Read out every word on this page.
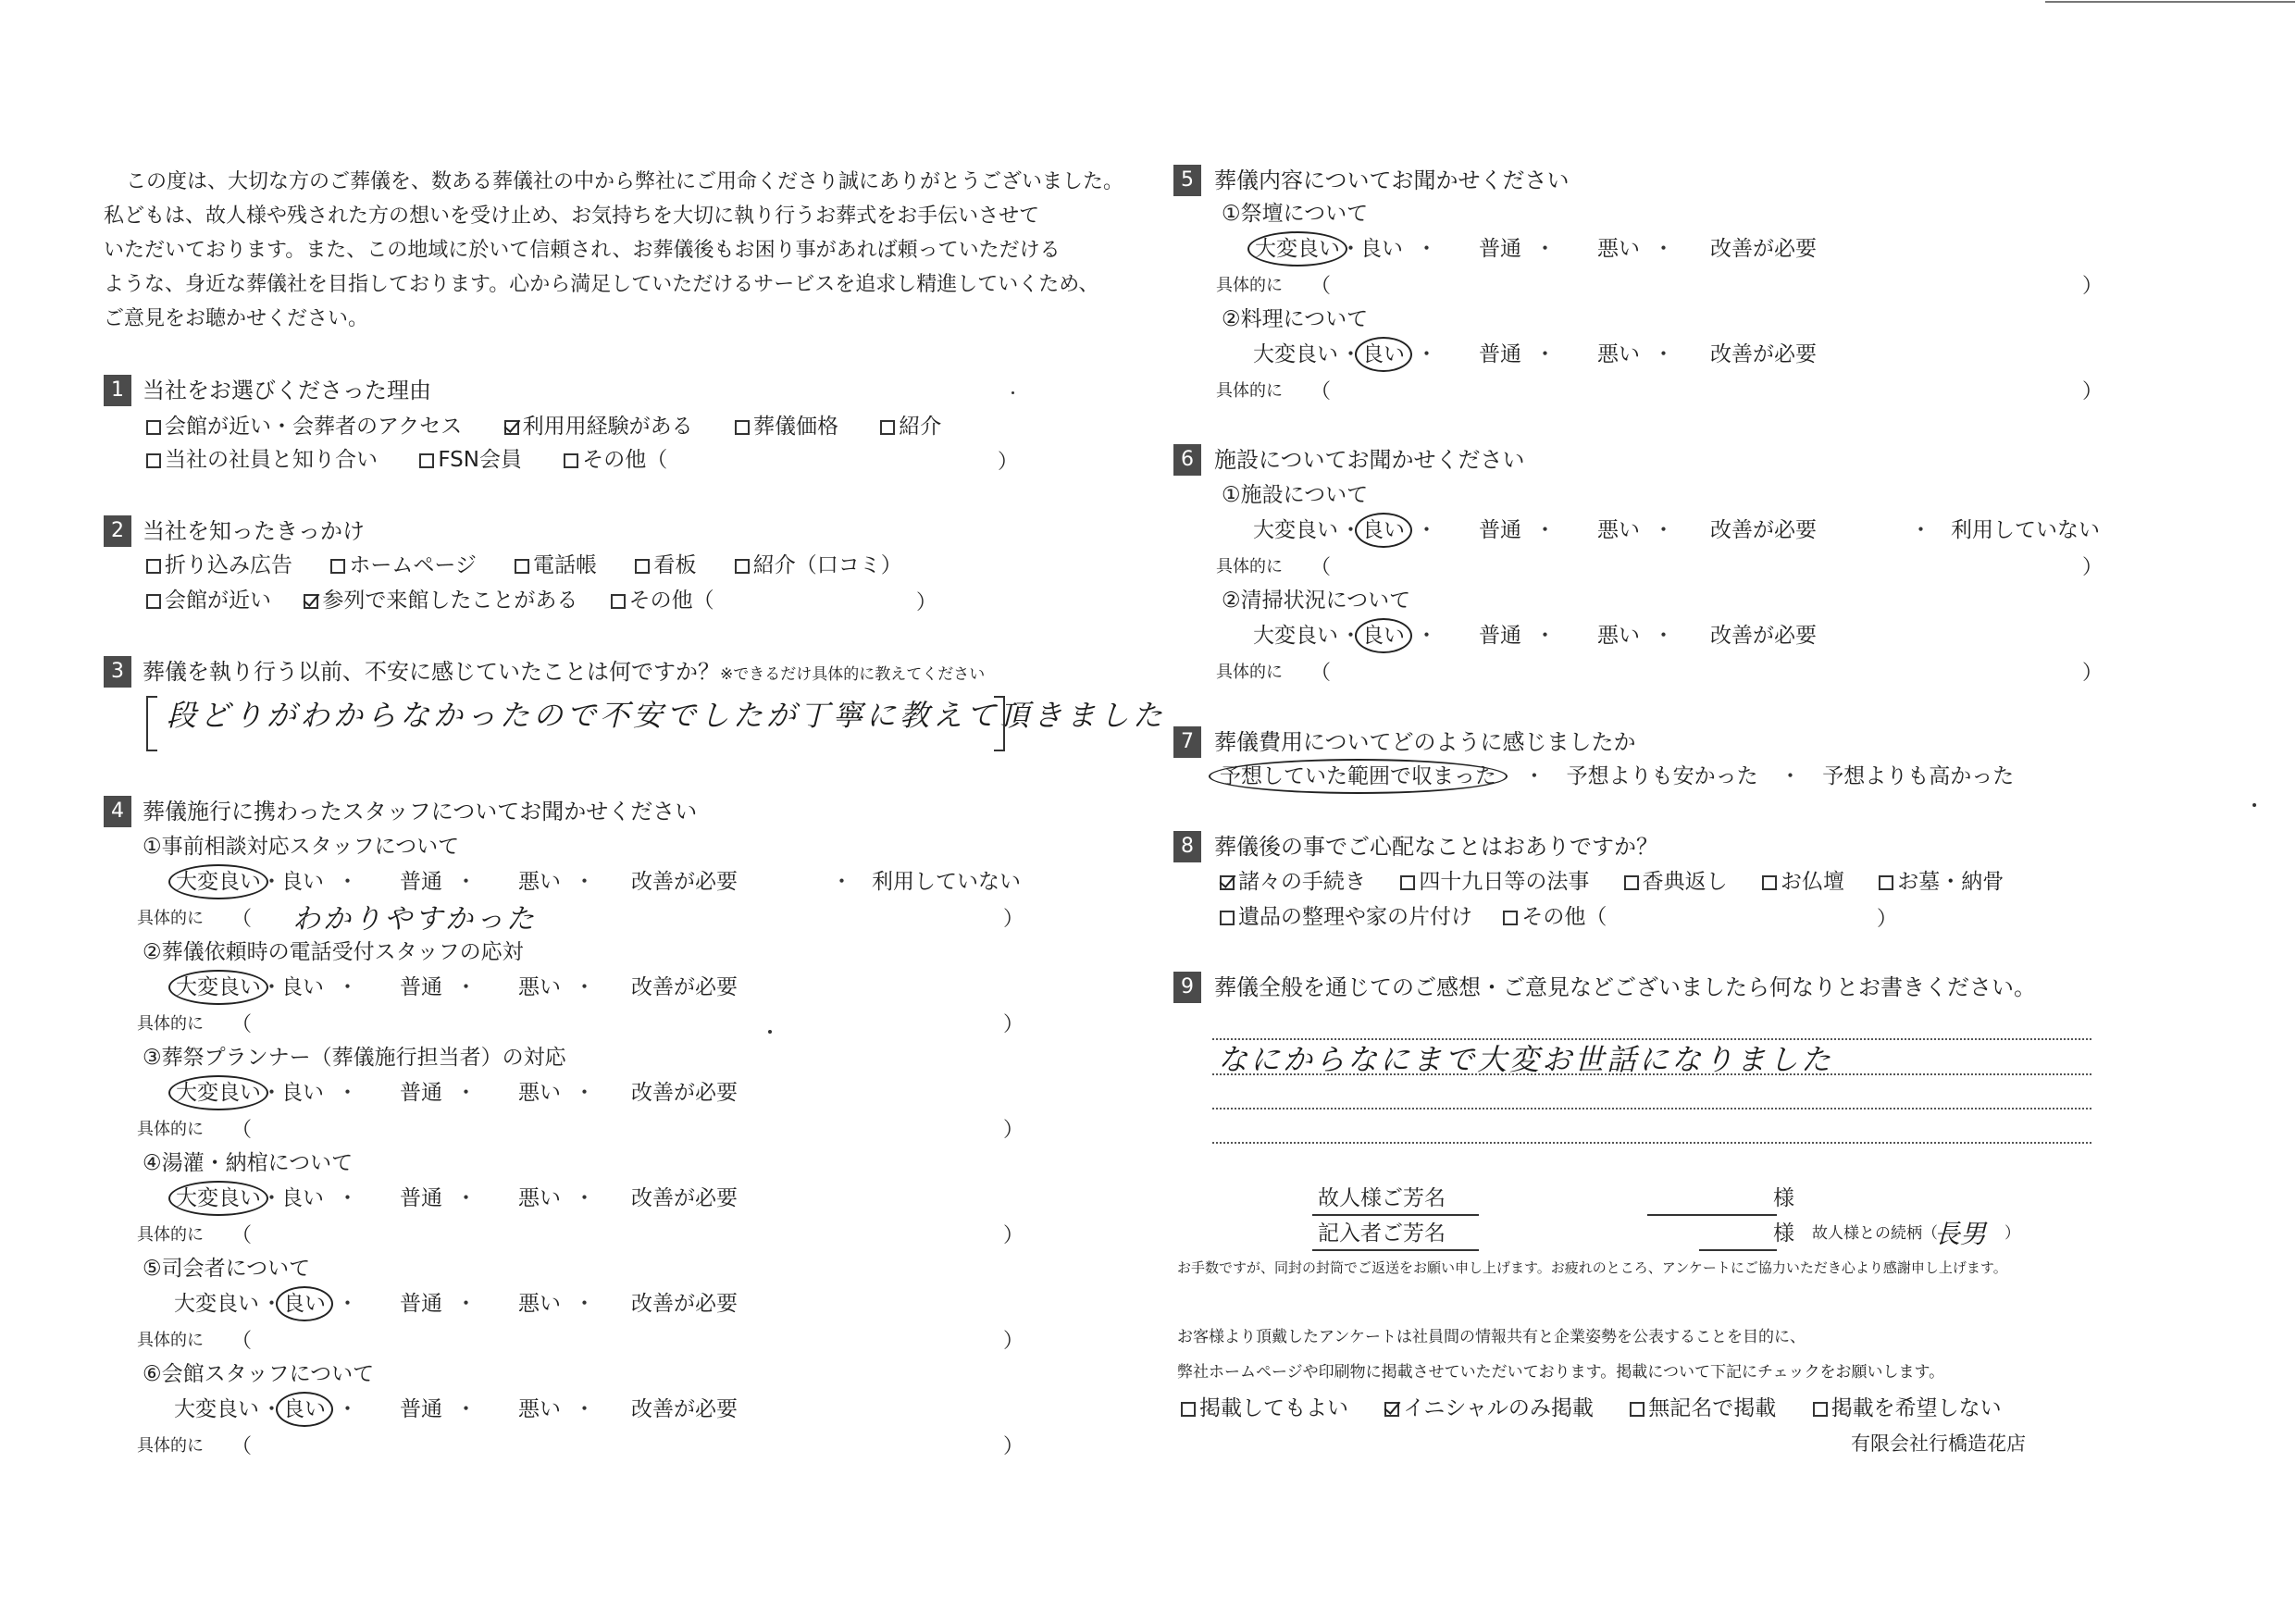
この度は、大切な方のご葬儀を、数ある葬儀社の中から弊社にご用命くださり誠にありがとうございました。
私どもは、故人様や残された方の想いを受け止め、お気持ちを大切に執り行うお葬式をお手伝いさせて
いただいております。また、この地域に於いて信頼され、お葬儀後もお困り事があれば頼っていただける
ような、身近な葬儀社を目指しております。心から満足していただけるサービスを追求し精進していくため、
ご意見をお聴かせください。
1 当社をお選びくださった理由
会館が近い・会葬者のアクセス	利用用経験がある	葬儀価格	紹介
当社の社員と知り合い	FSN会員	その他（	）
2 当社を知ったきっかけ
折り込み広告	ホームページ	電話帳	看板	紹介（口コミ）
会館が近い 参列で来館したことがある その他（	）
3 葬儀を執り行う以前、不安に感じていたことは何ですか？※できるだけ具体的に教えてください
段どりがわからなかったので不安でしたが丁寧に教えて頂きました
4 葬儀施行に携わったスタッフについてお聞かせください
①事前相談対応スタッフについて
大変良い ・ 良い ・ 普通 ・ 悪い ・ 改善が必要	・ 利用していない
具体的に （	）
②葬儀依頼時の電話受付スタッフの応対
大変良い ・ 良い ・ 普通 ・ 悪い ・ 改善が必要
具体的に （	）
③葬祭プランナー（葬儀施行担当者）の対応
大変良い ・ 良い ・ 普通 ・ 悪い ・ 改善が必要
具体的に （	）
④湯灌・納棺について
大変良い ・ 良い ・ 普通 ・ 悪い ・ 改善が必要
具体的に （	）
⑤司会者について
大変良い ・ 良い ・ 普通 ・ 悪い ・ 改善が必要
具体的に （	）
⑥会館スタッフについて
大変良い ・ 良い ・ 普通 ・ 悪い ・ 改善が必要
具体的に （	）
わかりやすかった
5 葬儀内容についてお聞かせください
①祭壇について
大変良い ・ 良い ・ 普通 ・ 悪い ・ 改善が必要
具体的に （	）
②料理について
大変良い ・ 良い ・ 普通 ・ 悪い ・ 改善が必要
具体的に （	）
6 施設についてお聞かせください
①施設について
大変良い ・ 良い ・ 普通 ・ 悪い ・ 改善が必要	・ 利用していない
具体的に （	）
②清掃状況について
大変良い ・ 良い ・ 普通 ・ 悪い ・ 改善が必要
具体的に （	）
7 葬儀費用についてどのように感じましたか
予想していた範囲で収まった ・ 予想よりも安かった ・ 予想よりも高かった
8 葬儀後の事でご心配なことはおありですか？
諸々の手続き 四十九日等の法事 香典返し お仏壇 お墓・納骨
遺品の整理や家の片付け その他（	）
9 葬儀全般を通じてのご感想・ご意見などございましたら何なりとお書きください。
なにからなにまで大変お世話になりました
故人様ご芳名	様
記入者ご芳名	様 故人様との続柄（
長男 ）
お手数ですが、同封の封筒でご返送をお願い申し上げます。お疲れのところ、アンケートにご協力いただき心より感謝申し上げます。
お客様より頂戴したアンケートは社員間の情報共有と企業姿勢を公表することを目的に、
弊社ホームページや印刷物に掲載させていただいております。掲載について下記にチェックをお願いします。
掲載してもよい	イニシャルのみ掲載	無記名で掲載	掲載を希望しない
有限会社行橋造花店
